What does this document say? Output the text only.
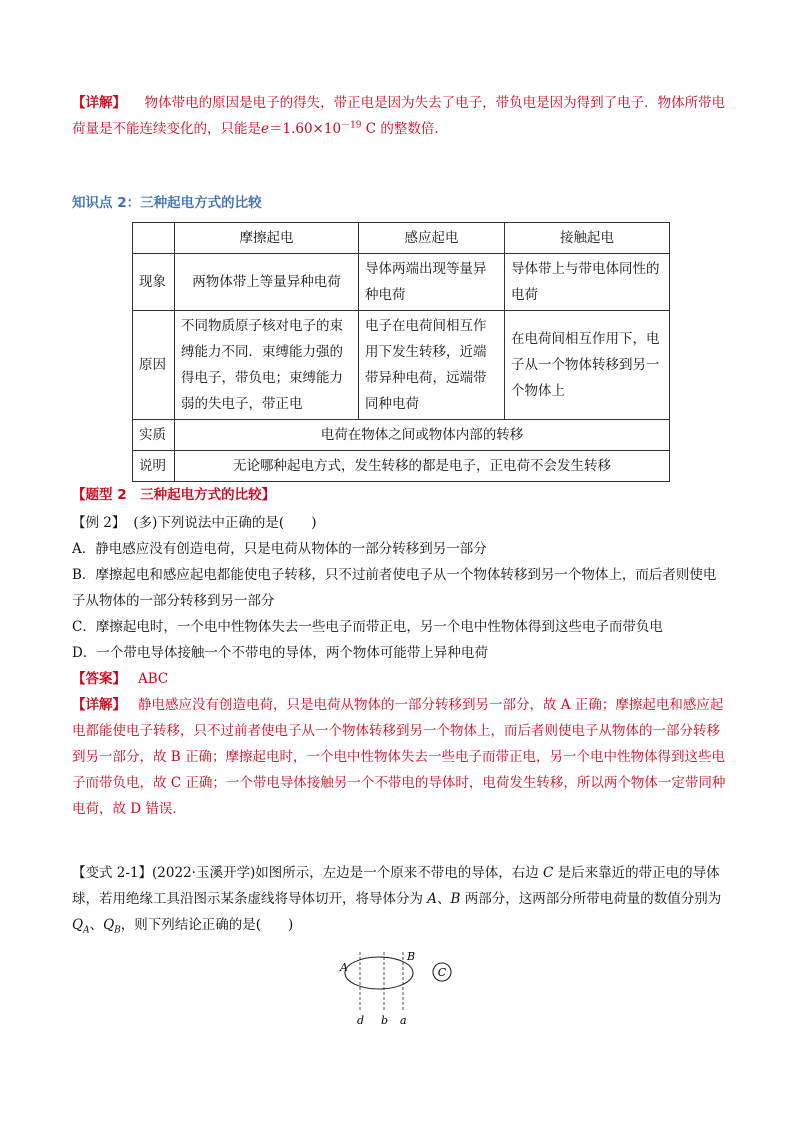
【详解】 物体带电的原因是电子的得失，带正电是因为失去了电子，带负电是因为得到了电子．物体所带电荷量是不能连续变化的，只能是$e=1.60\times 10^{-19}$ C 的整数倍．
知识点 2：三种起电方式的比较
	摩擦起电	感应起电	接触起电
现象	两物体带上等量异种电荷	导体两端出现等量异种电荷	导体带上与带电体同性的电荷
原因	不同物质原子核对电子的束缚能力不同．束缚能力强的得电子，带负电；束缚能力弱的失电子，带正电	电子在电荷间相互作用下发生转移，近端带异种电荷，远端带同种电荷	在电荷间相互作用下，电子从一个物体转移到另一个物体上
实质	电荷在物体之间或物体内部的转移		
说明	无论哪种起电方式，发生转移的都是电子，正电荷不会发生转移		
【题型 2　三种起电方式的比较】
【例 2】 (多)下列说法中正确的是(　　)
A．静电感应没有创造电荷，只是电荷从物体的一部分转移到另一部分
B．摩擦起电和感应起电都能使电子转移，只不过前者使电子从一个物体转移到另一个物体上，而后者则使电子从物体的一部分转移到另一部分
C．摩擦起电时，一个电中性物体失去一些电子而带正电，另一个电中性物体得到这些电子而带负电
D．一个带电导体接触一个不带电的导体，两个物体可能带上异种电荷
【答案】 ABC
【详解】 静电感应没有创造电荷，只是电荷从物体的一部分转移到另一部分，故 A 正确；摩擦起电和感应起电都能使电子转移，只不过前者使电子从一个物体转移到另一个物体上，而后者则使电子从物体的一部分转移到另一部分，故 B 正确；摩擦起电时，一个电中性物体失去一些电子而带正电，另一个电中性物体得到这些电子而带负电，故 C 正确；一个带电导体接触另一个不带电的导体时，电荷发生转移，所以两个物体一定带同种电荷，故 D 错误．
【变式 2-1】(2022·玉溪开学)如图所示，左边是一个原来不带电的导体，右边 C 是后来靠近的带正电的导体球，若用绝缘工具沿图示某条虚线将导体切开，将导体分为 A、B 两部分，这两部分所带电荷量的数值分别为 $Q_A$、$Q_B$，则下列结论正确的是(　　)
C
A
B
d b a
